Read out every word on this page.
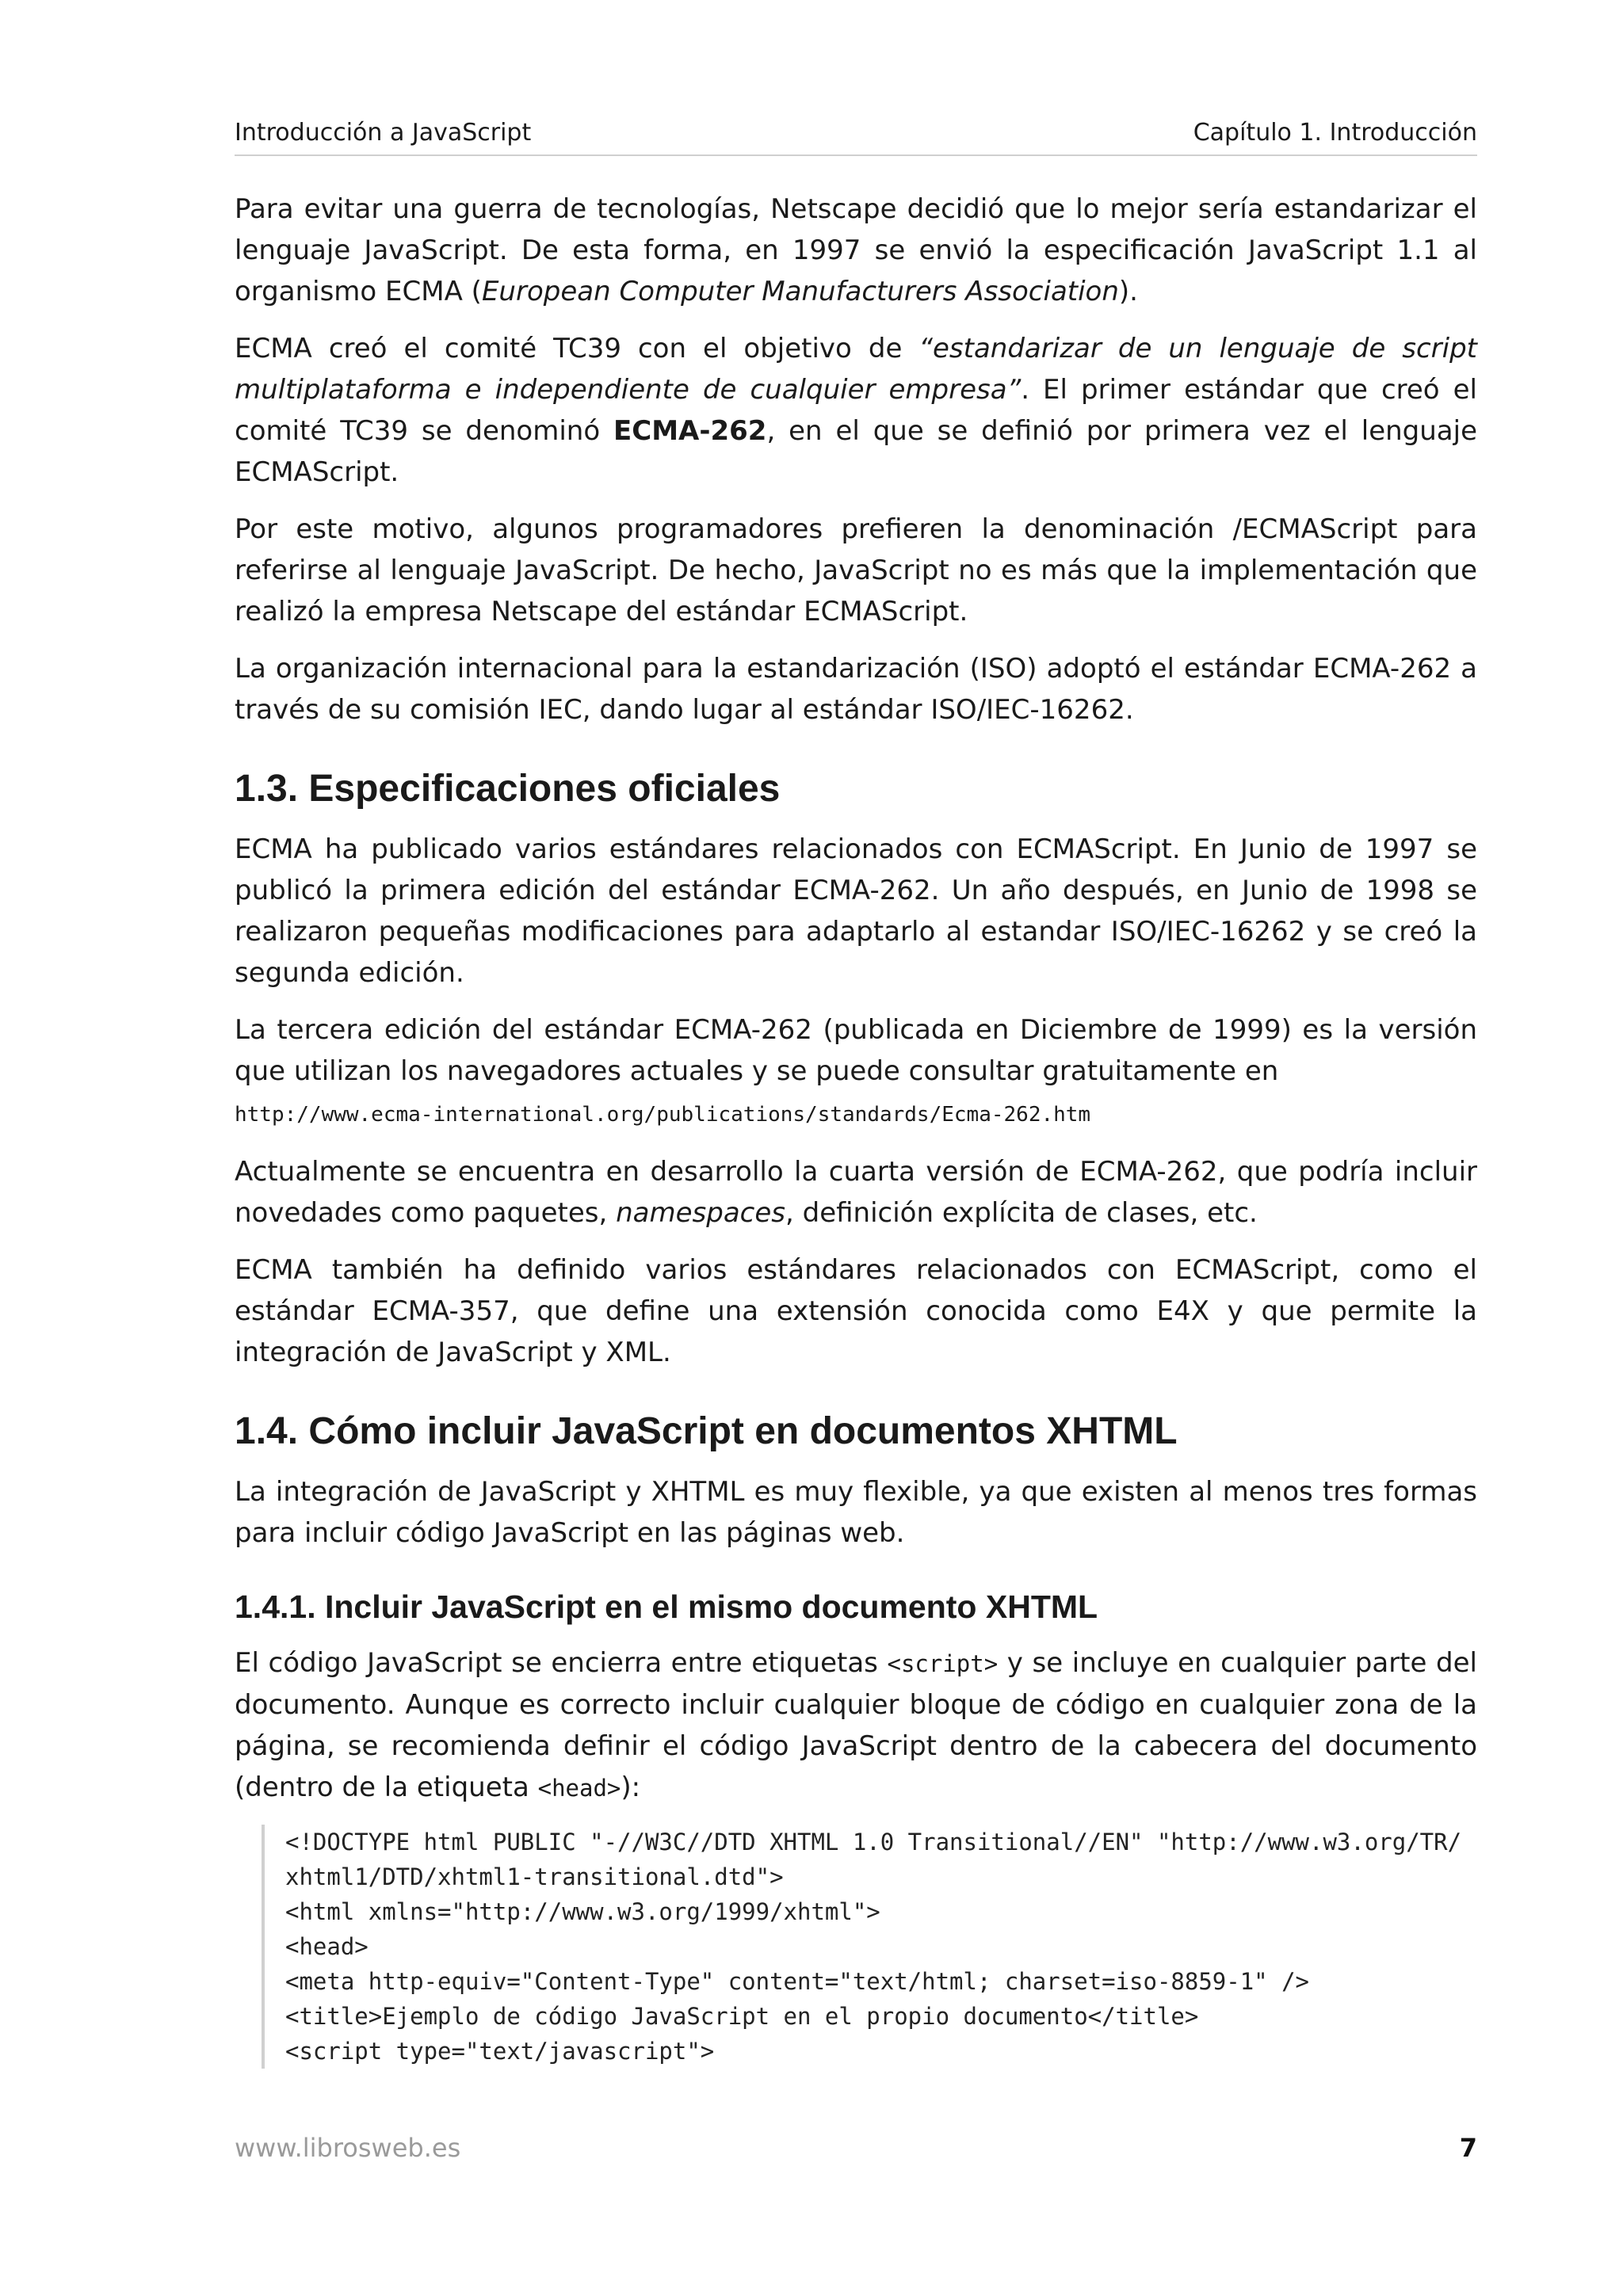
Introducción a JavaScript	Capítulo 1. Introducción

Para evitar una guerra de tecnologías, Netscape decidió que lo mejor sería estandarizar el lenguaje JavaScript. De esta forma, en 1997 se envió la especificación JavaScript 1.1 al organismo ECMA (European Computer Manufacturers Association).

ECMA creó el comité TC39 con el objetivo de “estandarizar de un lenguaje de script multiplataforma e independiente de cualquier empresa”. El primer estándar que creó el comité TC39 se denominó ECMA-262, en el que se definió por primera vez el lenguaje ECMAScript.

Por este motivo, algunos programadores prefieren la denominación /ECMAScript para referirse al lenguaje JavaScript. De hecho, JavaScript no es más que la implementación que realizó la empresa Netscape del estándar ECMAScript.

La organización internacional para la estandarización (ISO) adoptó el estándar ECMA-262 a través de su comisión IEC, dando lugar al estándar ISO/IEC-16262.

1.3. Especificaciones oficiales

ECMA ha publicado varios estándares relacionados con ECMAScript. En Junio de 1997 se publicó la primera edición del estándar ECMA-262. Un año después, en Junio de 1998 se realizaron pequeñas modificaciones para adaptarlo al estandar ISO/IEC-16262 y se creó la segunda edición.

La tercera edición del estándar ECMA-262 (publicada en Diciembre de 1999) es la versión que utilizan los navegadores actuales y se puede consultar gratuitamente en
http://www.ecma-international.org/publications/standards/Ecma-262.htm

Actualmente se encuentra en desarrollo la cuarta versión de ECMA-262, que podría incluir novedades como paquetes, namespaces, definición explícita de clases, etc.

ECMA también ha definido varios estándares relacionados con ECMAScript, como el estándar ECMA-357, que define una extensión conocida como E4X y que permite la integración de JavaScript y XML.

1.4. Cómo incluir JavaScript en documentos XHTML

La integración de JavaScript y XHTML es muy flexible, ya que existen al menos tres formas para incluir código JavaScript en las páginas web.

1.4.1. Incluir JavaScript en el mismo documento XHTML

El código JavaScript se encierra entre etiquetas <script> y se incluye en cualquier parte del documento. Aunque es correcto incluir cualquier bloque de código en cualquier zona de la página, se recomienda definir el código JavaScript dentro de la cabecera del documento (dentro de la etiqueta <head>):

<!DOCTYPE html PUBLIC "-//W3C//DTD XHTML 1.0 Transitional//EN" "http://www.w3.org/TR/
xhtml1/DTD/xhtml1-transitional.dtd">
<html xmlns="http://www.w3.org/1999/xhtml">
<head>
<meta http-equiv="Content-Type" content="text/html; charset=iso-8859-1" />
<title>Ejemplo de código JavaScript en el propio documento</title>
<script type="text/javascript">
www.librosweb.es	7
